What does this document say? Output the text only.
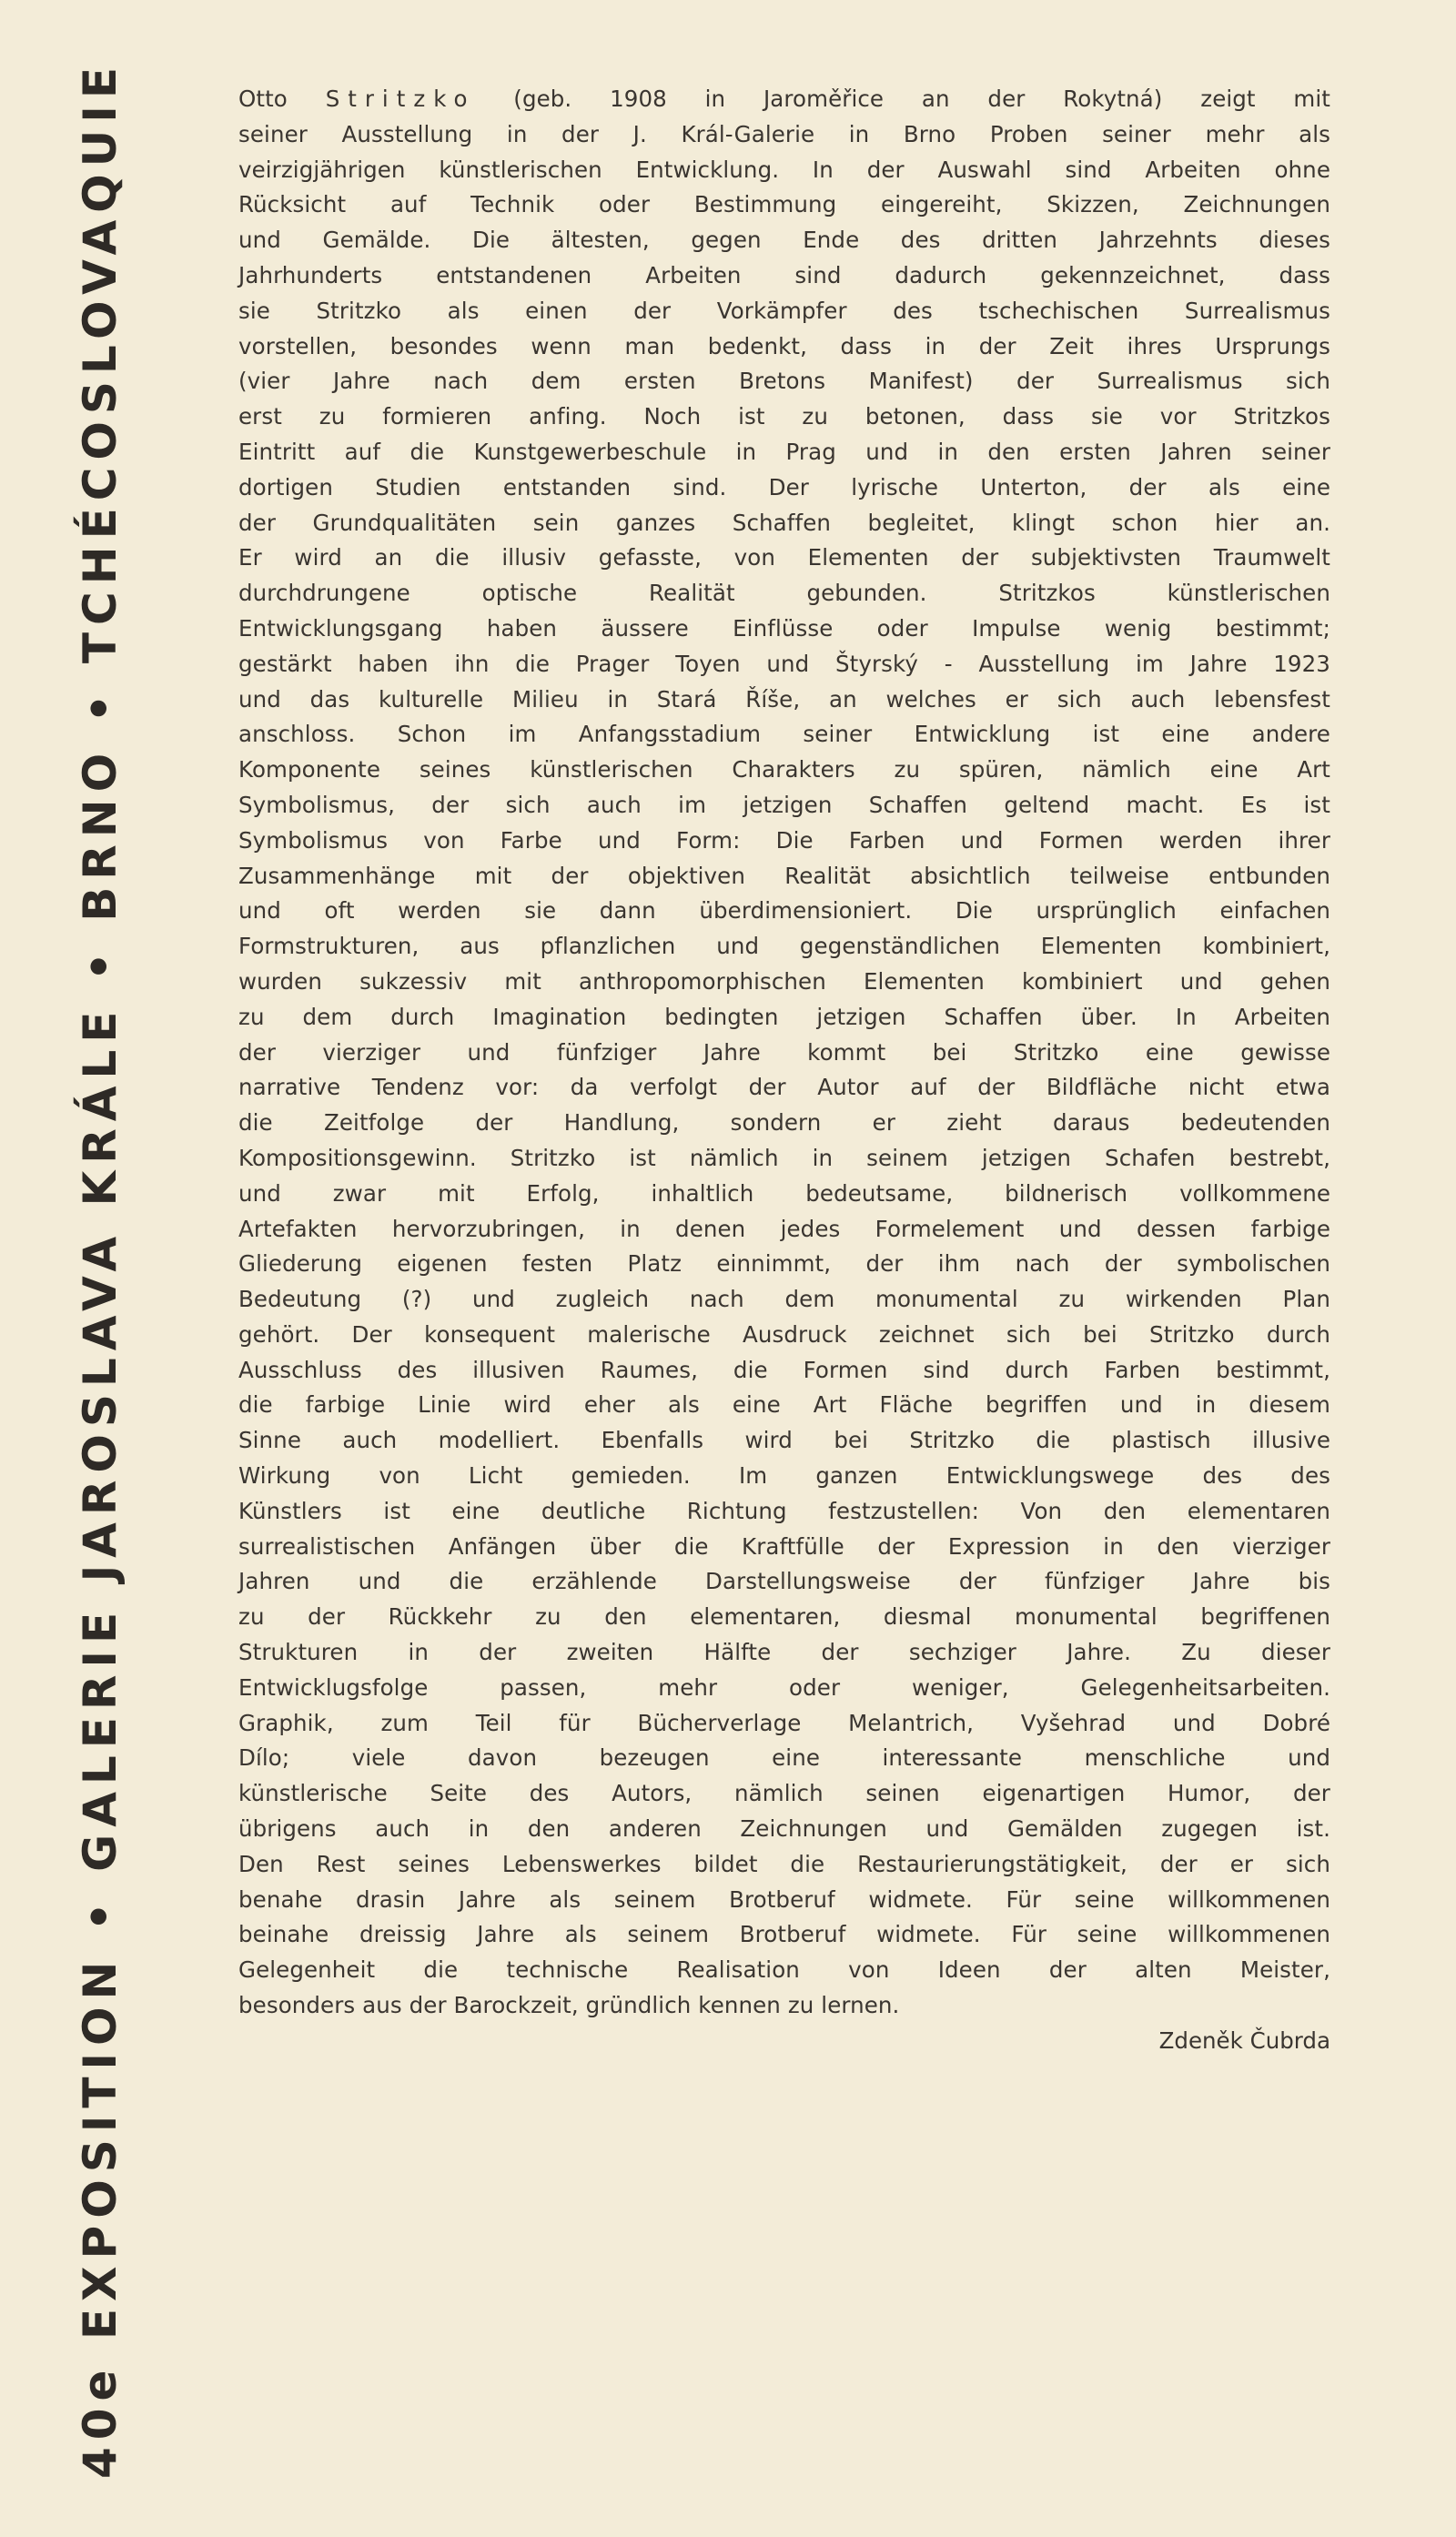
40e EXPOSITION • GALERIE JAROSLAVA KRÁLE • BRNO • TCHÉCOSLOVAQUIE	Otto Stritzko (geb. 1908 in Jaroměřice an der Rokytná) zeigt mit
seiner Ausstellung in der J. Král-Galerie in Brno Proben seiner mehr als
veirzigjährigen künstlerischen Entwicklung. In der Auswahl sind Arbeiten ohne
Rücksicht auf Technik oder Bestimmung eingereiht, Skizzen, Zeichnungen
und Gemälde. Die ältesten, gegen Ende des dritten Jahrzehnts dieses
Jahrhunderts entstandenen Arbeiten sind dadurch gekennzeichnet, dass
sie Stritzko als einen der Vorkämpfer des tschechischen Surrealismus
vorstellen, besondes wenn man bedenkt, dass in der Zeit ihres Ursprungs
(vier Jahre nach dem ersten Bretons Manifest) der Surrealismus sich
erst zu formieren anfing. Noch ist zu betonen, dass sie vor Stritzkos
Eintritt auf die Kunstgewerbeschule in Prag und in den ersten Jahren seiner
dortigen Studien entstanden sind. Der lyrische Unterton, der als eine
der Grundqualitäten sein ganzes Schaffen begleitet, klingt schon hier an.
Er wird an die illusiv gefasste, von Elementen der subjektivsten Traumwelt
durchdrungene optische Realität gebunden. Stritzkos künstlerischen
Entwicklungsgang haben äussere Einflüsse oder Impulse wenig bestimmt;
gestärkt haben ihn die Prager Toyen und Štyrský - Ausstellung im Jahre 1923
und das kulturelle Milieu in Stará Říše, an welches er sich auch lebensfest
anschloss. Schon im Anfangsstadium seiner Entwicklung ist eine andere
Komponente seines künstlerischen Charakters zu spüren, nämlich eine Art
Symbolismus, der sich auch im jetzigen Schaffen geltend macht. Es ist
Symbolismus von Farbe und Form: Die Farben und Formen werden ihrer
Zusammenhänge mit der objektiven Realität absichtlich teilweise entbunden
und oft werden sie dann überdimensioniert. Die ursprünglich einfachen
Formstrukturen, aus pflanzlichen und gegenständlichen Elementen kombiniert,
wurden sukzessiv mit anthropomorphischen Elementen kombiniert und gehen
zu dem durch Imagination bedingten jetzigen Schaffen über. In Arbeiten
der vierziger und fünfziger Jahre kommt bei Stritzko eine gewisse
narrative Tendenz vor: da verfolgt der Autor auf der Bildfläche nicht etwa
die Zeitfolge der Handlung, sondern er zieht daraus bedeutenden
Kompositionsgewinn. Stritzko ist nämlich in seinem jetzigen Schafen bestrebt,
und zwar mit Erfolg, inhaltlich bedeutsame, bildnerisch vollkommene
Artefakten hervorzubringen, in denen jedes Formelement und dessen farbige
Gliederung eigenen festen Platz einnimmt, der ihm nach der symbolischen
Bedeutung (?) und zugleich nach dem monumental zu wirkenden Plan
gehört. Der konsequent malerische Ausdruck zeichnet sich bei Stritzko durch
Ausschluss des illusiven Raumes, die Formen sind durch Farben bestimmt,
die farbige Linie wird eher als eine Art Fläche begriffen und in diesem
Sinne auch modelliert. Ebenfalls wird bei Stritzko die plastisch illusive
Wirkung von Licht gemieden. Im ganzen Entwicklungswege des des
Künstlers ist eine deutliche Richtung festzustellen: Von den elementaren
surrealistischen Anfängen über die Kraftfülle der Expression in den vierziger
Jahren und die erzählende Darstellungsweise der fünfziger Jahre bis
zu der Rückkehr zu den elementaren, diesmal monumental begriffenen
Strukturen in der zweiten Hälfte der sechziger Jahre. Zu dieser
Entwicklugsfolge passen, mehr oder weniger, Gelegenheitsarbeiten.
Graphik, zum Teil für Bücherverlage Melantrich, Vyšehrad und Dobré
Dílo; viele davon bezeugen eine interessante menschliche und
künstlerische Seite des Autors, nämlich seinen eigenartigen Humor, der
übrigens auch in den anderen Zeichnungen und Gemälden zugegen ist.
Den Rest seines Lebenswerkes bildet die Restaurierungstätigkeit, der er sich
benahe drasin Jahre als seinem Brotberuf widmete. Für seine willkommenen
beinahe dreissig Jahre als seinem Brotberuf widmete. Für seine willkommenen
Gelegenheit die technische Realisation von Ideen der alten Meister,
besonders aus der Barockzeit, gründlich kennen zu lernen.
Zdeněk Čubrda
